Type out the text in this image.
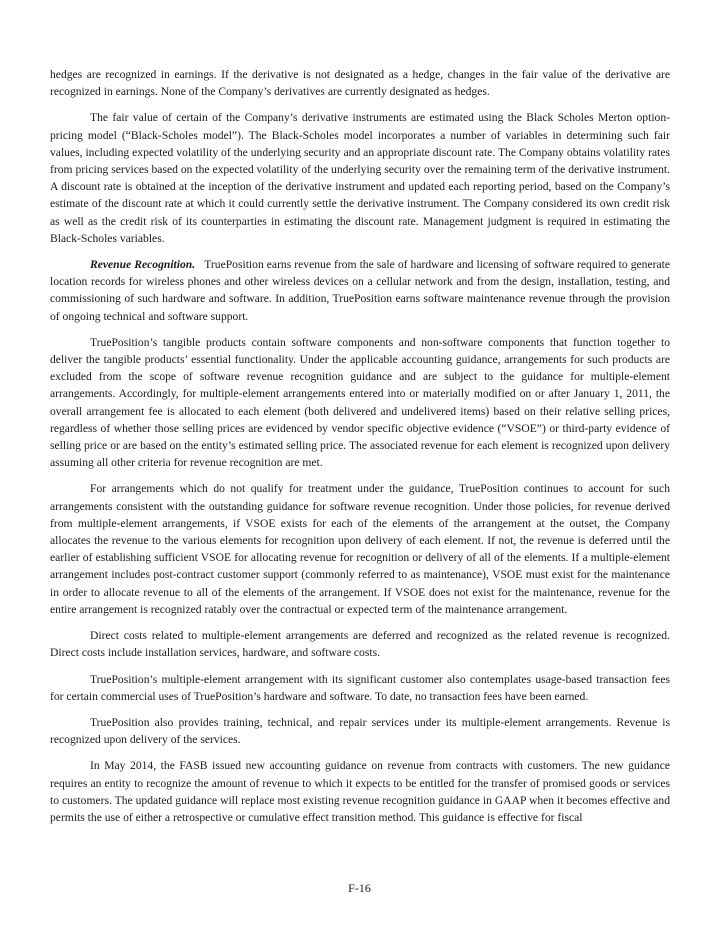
hedges are recognized in earnings. If the derivative is not designated as a hedge, changes in the fair value of the derivative are recognized in earnings. None of the Company’s derivatives are currently designated as hedges.

The fair value of certain of the Company’s derivative instruments are estimated using the Black Scholes Merton option-pricing model (“Black-Scholes model”). The Black-Scholes model incorporates a number of variables in determining such fair values, including expected volatility of the underlying security and an appropriate discount rate. The Company obtains volatility rates from pricing services based on the expected volatility of the underlying security over the remaining term of the derivative instrument. A discount rate is obtained at the inception of the derivative instrument and updated each reporting period, based on the Company’s estimate of the discount rate at which it could currently settle the derivative instrument. The Company considered its own credit risk as well as the credit risk of its counterparties in estimating the discount rate. Management judgment is required in estimating the Black-Scholes variables.

Revenue Recognition. TruePosition earns revenue from the sale of hardware and licensing of software required to generate location records for wireless phones and other wireless devices on a cellular network and from the design, installation, testing, and commissioning of such hardware and software. In addition, TruePosition earns software maintenance revenue through the provision of ongoing technical and software support.

TruePosition’s tangible products contain software components and non-software components that function together to deliver the tangible products’ essential functionality. Under the applicable accounting guidance, arrangements for such products are excluded from the scope of software revenue recognition guidance and are subject to the guidance for multiple-element arrangements. Accordingly, for multiple-element arrangements entered into or materially modified on or after January 1, 2011, the overall arrangement fee is allocated to each element (both delivered and undelivered items) based on their relative selling prices, regardless of whether those selling prices are evidenced by vendor specific objective evidence (“VSOE”) or third-party evidence of selling price or are based on the entity’s estimated selling price. The associated revenue for each element is recognized upon delivery assuming all other criteria for revenue recognition are met.

For arrangements which do not qualify for treatment under the guidance, TruePosition continues to account for such arrangements consistent with the outstanding guidance for software revenue recognition. Under those policies, for revenue derived from multiple-element arrangements, if VSOE exists for each of the elements of the arrangement at the outset, the Company allocates the revenue to the various elements for recognition upon delivery of each element. If not, the revenue is deferred until the earlier of establishing sufficient VSOE for allocating revenue for recognition or delivery of all of the elements. If a multiple-element arrangement includes post-contract customer support (commonly referred to as maintenance), VSOE must exist for the maintenance in order to allocate revenue to all of the elements of the arrangement. If VSOE does not exist for the maintenance, revenue for the entire arrangement is recognized ratably over the contractual or expected term of the maintenance arrangement.

Direct costs related to multiple-element arrangements are deferred and recognized as the related revenue is recognized. Direct costs include installation services, hardware, and software costs.

TruePosition’s multiple-element arrangement with its significant customer also contemplates usage-based transaction fees for certain commercial uses of TruePosition’s hardware and software. To date, no transaction fees have been earned.

TruePosition also provides training, technical, and repair services under its multiple-element arrangements. Revenue is recognized upon delivery of the services.

In May 2014, the FASB issued new accounting guidance on revenue from contracts with customers. The new guidance requires an entity to recognize the amount of revenue to which it expects to be entitled for the transfer of promised goods or services to customers. The updated guidance will replace most existing revenue recognition guidance in GAAP when it becomes effective and permits the use of either a retrospective or cumulative effect transition method. This guidance is effective for fiscal

F-16
